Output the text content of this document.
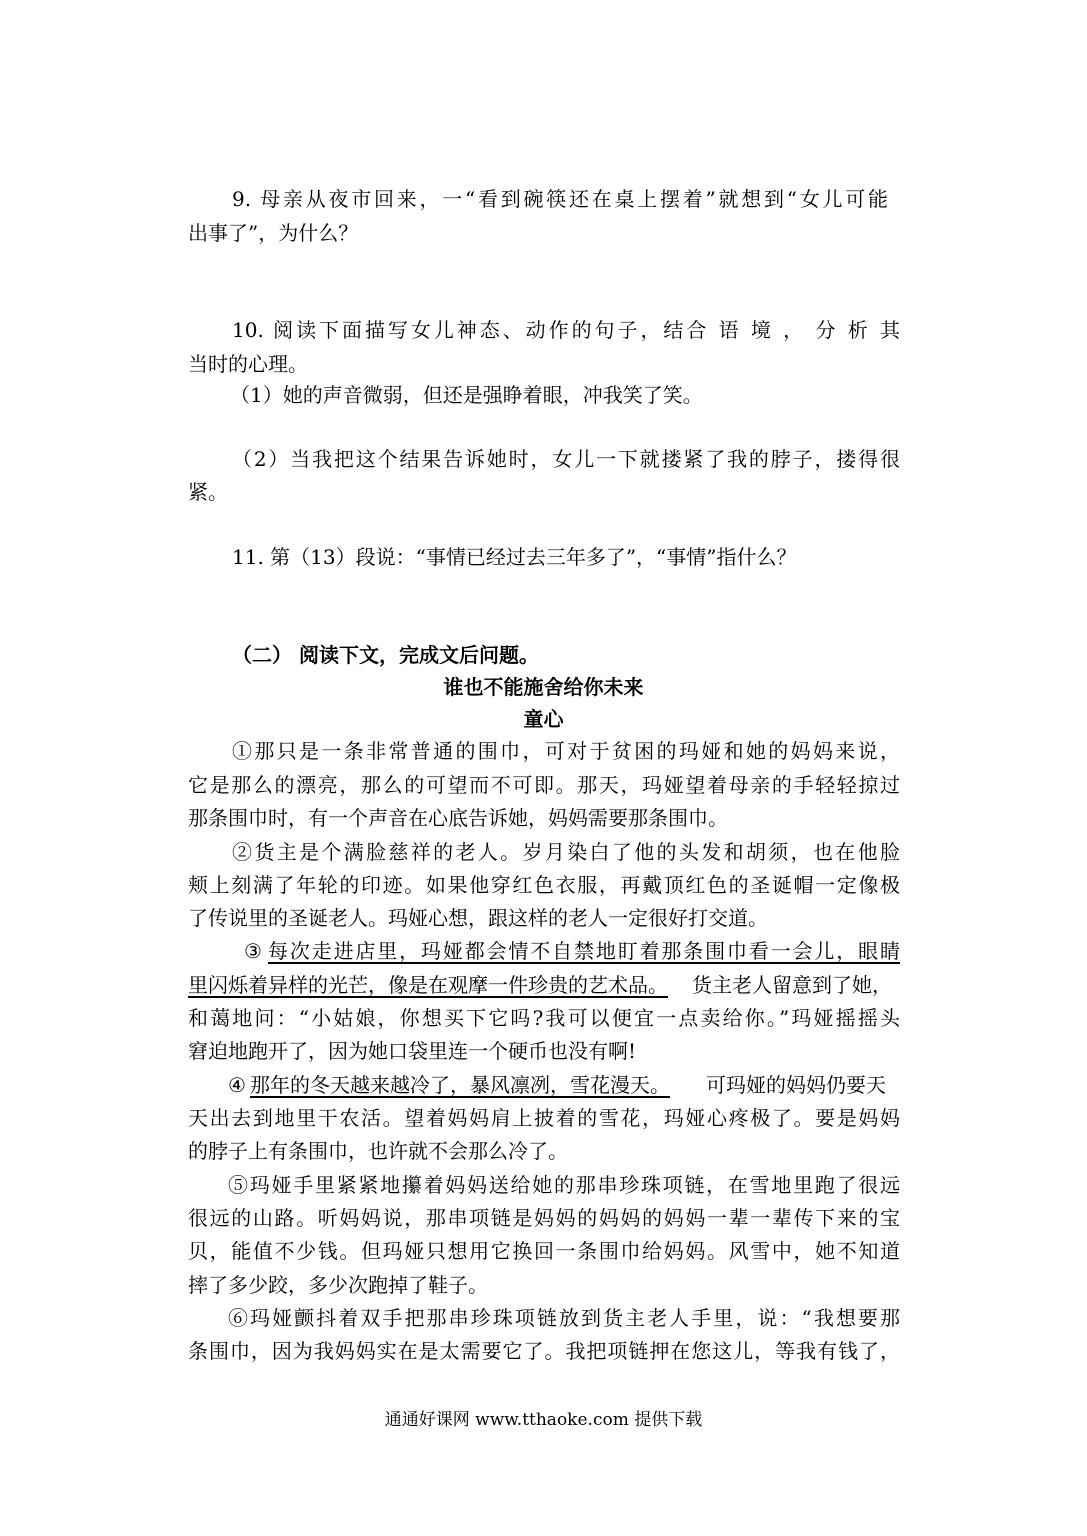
9. 母亲从夜市回来，一“看到碗筷还在桌上摆着”就想到“女儿可能
出事了”，为什么？
10. 阅读下面描写女儿神态、动作的句子，结合 语 境 ， 分 析 其
当时的心理。
（1）她的声音微弱，但还是强睁着眼，冲我笑了笑。
（2）当我把这个结果告诉她时，女儿一下就搂紧了我的脖子，搂得很
紧。
11. 第（13）段说：“事情已经过去三年多了”，“事情”指什么？
（二） 阅读下文，完成文后问题。
谁也不能施舍给你未来
童心
①那只是一条非常普通的围巾，可对于贫困的玛娅和她的妈妈来说，
它是那么的漂亮，那么的可望而不可即。那天，玛娅望着母亲的手轻轻掠过
那条围巾时，有一个声音在心底告诉她，妈妈需要那条围巾。
②货主是个满脸慈祥的老人。岁月染白了他的头发和胡须，也在他脸
颊上刻满了年轮的印迹。如果他穿红色衣服，再戴顶红色的圣诞帽一定像极
了传说里的圣诞老人。玛娅心想，跟这样的老人一定很好打交道。
③ 每次走进店里，玛娅都会情不自禁地盯着那条围巾看一会儿，眼睛
里闪烁着异样的光芒，像是在观摩一件珍贵的艺术品。 货主老人留意到了她，
和蔼地问：“小姑娘，你想买下它吗?我可以便宜一点卖给你。”玛娅摇摇头
窘迫地跑开了，因为她口袋里连一个硬币也没有啊!
④ 那年的冬天越来越冷了，暴风凛冽，雪花漫天。 可玛娅的妈妈仍要天
天出去到地里干农活。望着妈妈肩上披着的雪花，玛娅心疼极了。要是妈妈
的脖子上有条围巾，也许就不会那么冷了。
⑤玛娅手里紧紧地攥着妈妈送给她的那串珍珠项链，在雪地里跑了很远
很远的山路。听妈妈说，那串项链是妈妈的妈妈的妈妈一辈一辈传下来的宝
贝，能值不少钱。但玛娅只想用它换回一条围巾给妈妈。风雪中，她不知道
摔了多少跤，多少次跑掉了鞋子。
⑥玛娅颤抖着双手把那串珍珠项链放到货主老人手里，说：“我想要那
条围巾，因为我妈妈实在是太需要它了。我把项链押在您这儿，等我有钱了，
通通好课网 www.tthaoke.com 提供下载
